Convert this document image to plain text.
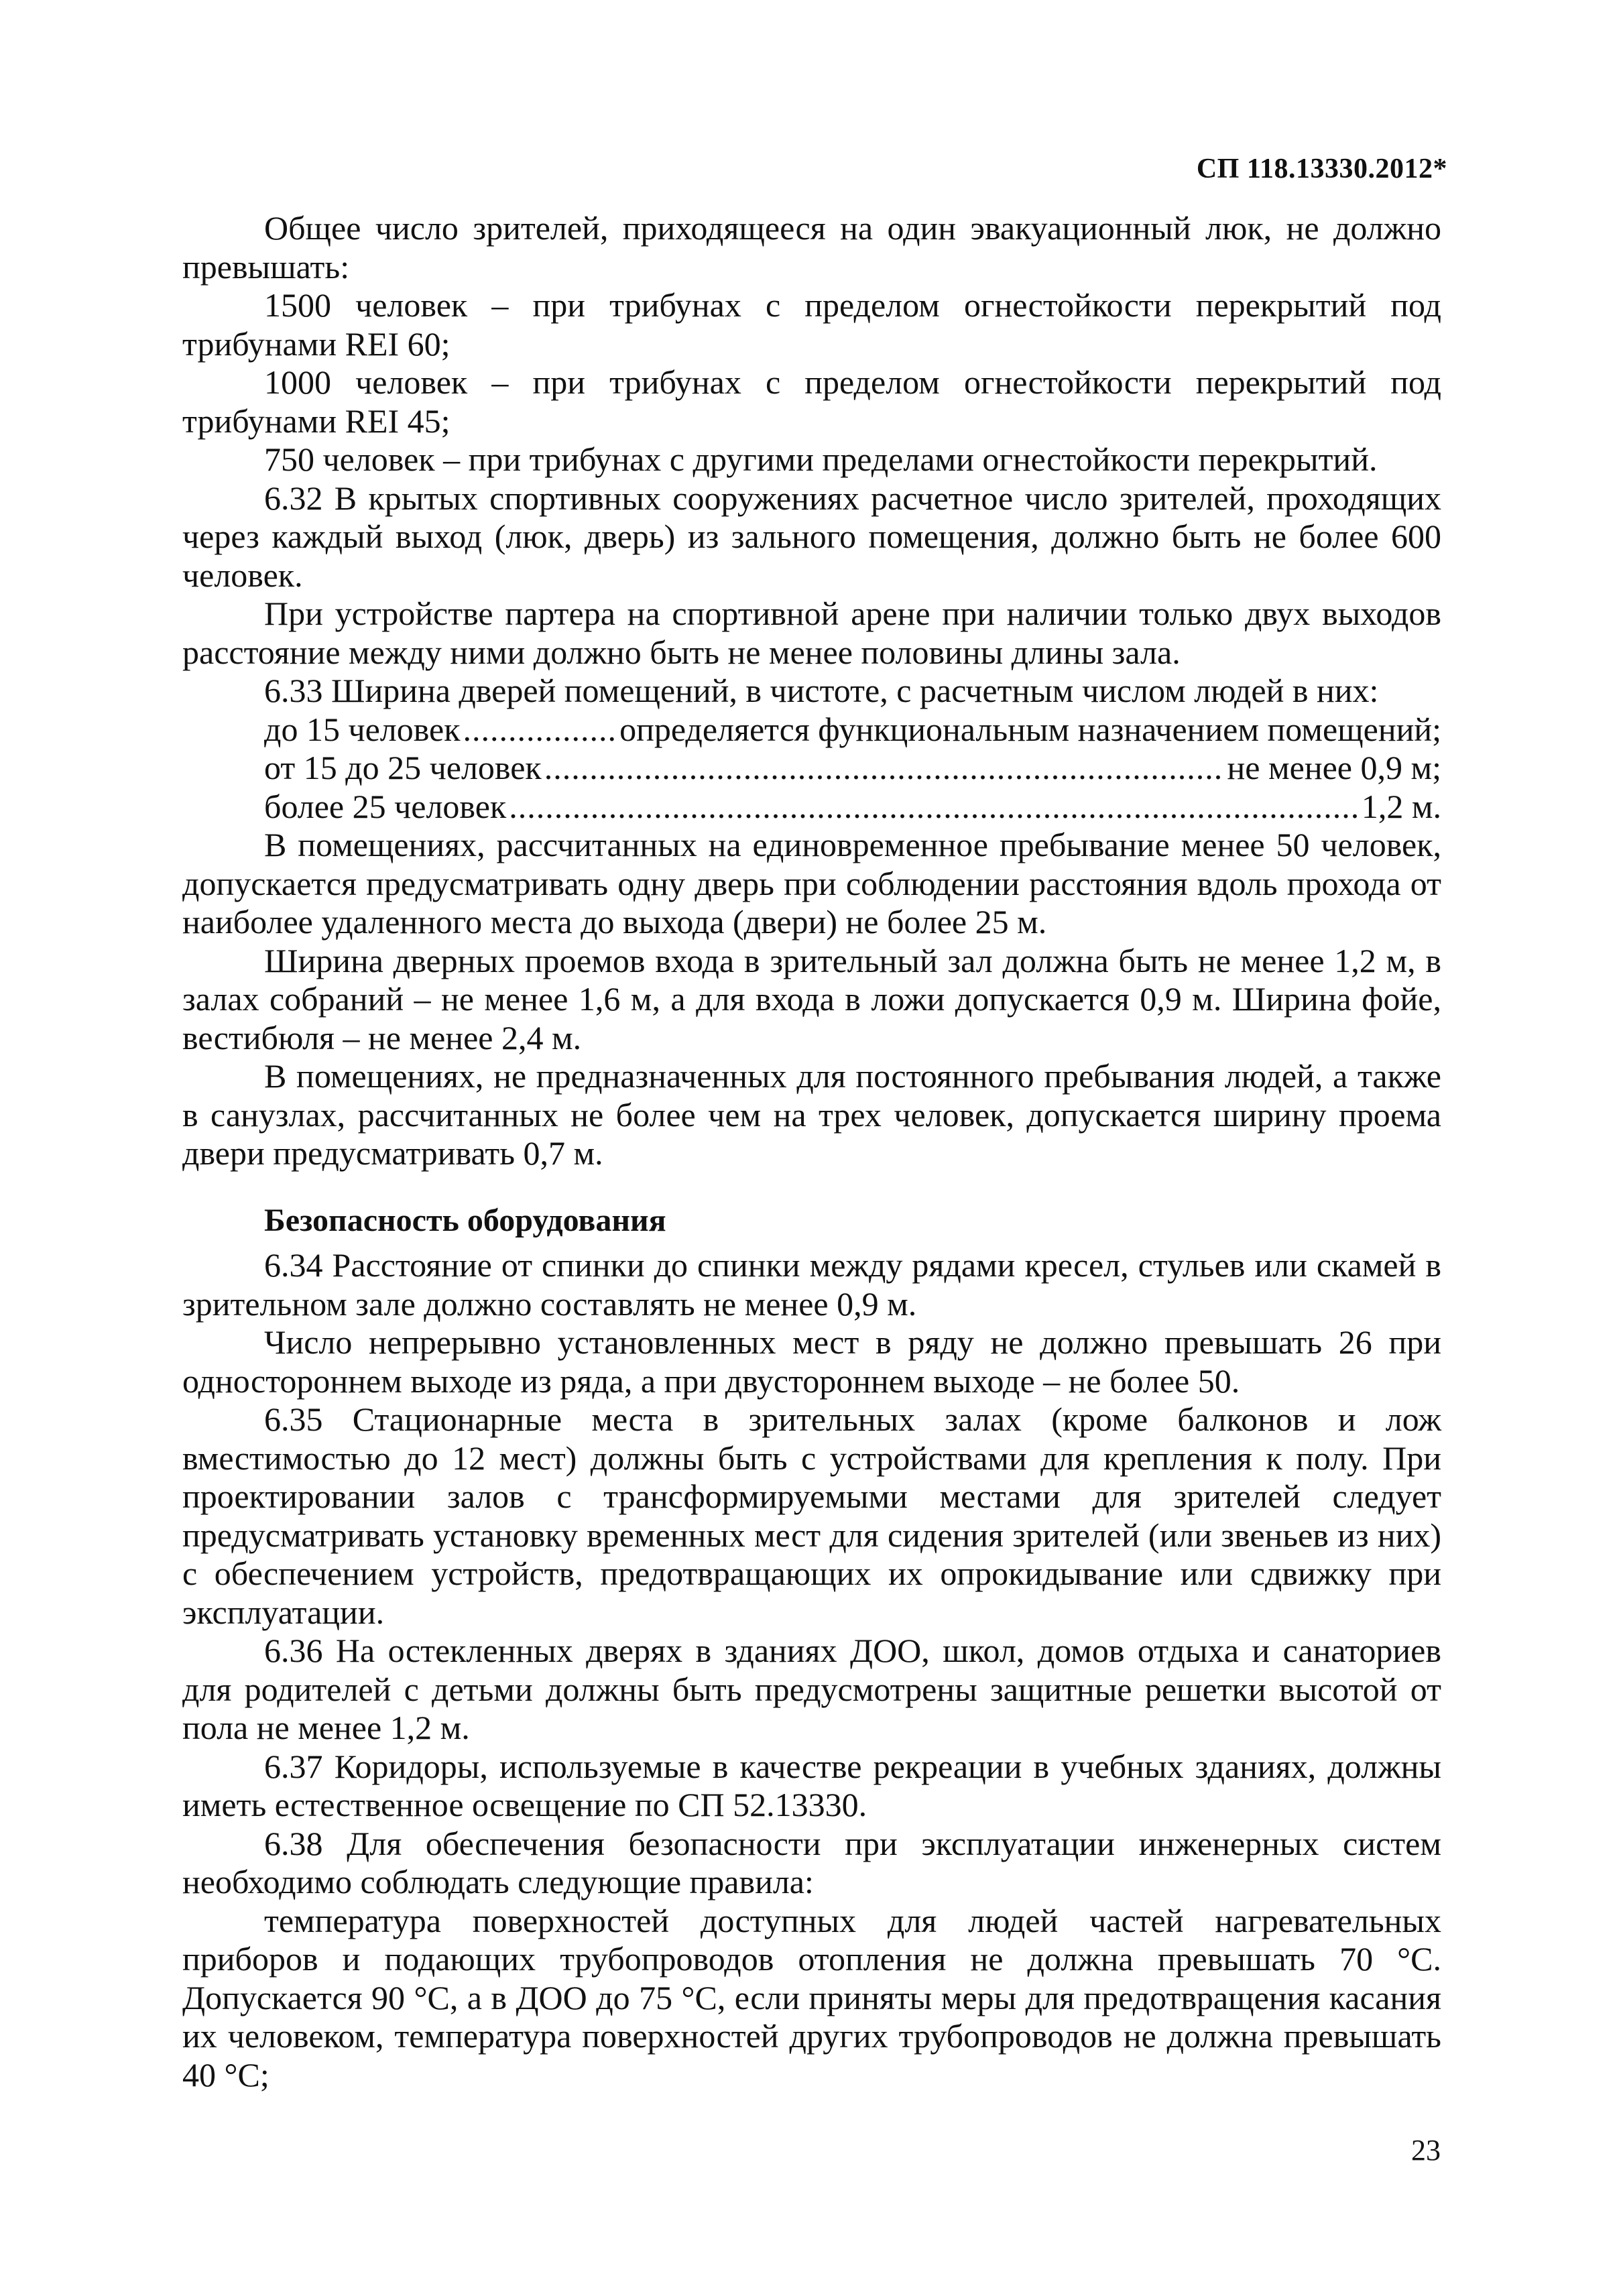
СП 118.13330.2012*

Общее число зрителей, приходящееся на один эвакуационный люк, не должно превышать:

1500 человек – при трибунах с пределом огнестойкости перекрытий под трибунами REI 60;

1000 человек – при трибунах с пределом огнестойкости перекрытий под трибунами REI 45;

750 человек – при трибунах с другими пределами огнестойкости перекрытий.

6.32 В крытых спортивных сооружениях расчетное число зрителей, проходящих через каждый выход (люк, дверь) из зального помещения, должно быть не более 600 человек.

При устройстве партера на спортивной арене при наличии только двух выходов расстояние между ними должно быть не менее половины длины зала.

6.33 Ширина дверей помещений, в чистоте, с расчетным числом людей в них:

до 15 человек .....	определяется функциональным назначением помещений;
от 15 до 25 человек .....	не менее 0,9 м;
более 25 человек .....	1,2 м.

В помещениях, рассчитанных на единовременное пребывание менее 50 человек, допускается предусматривать одну дверь при соблюдении расстояния вдоль прохода от наиболее удаленного места до выхода (двери) не более 25 м.

Ширина дверных проемов входа в зрительный зал должна быть не менее 1,2 м, в залах собраний – не менее 1,6 м, а для входа в ложи допускается 0,9 м. Ширина фойе, вестибюля – не менее 2,4 м.

В помещениях, не предназначенных для постоянного пребывания людей, а также в санузлах, рассчитанных не более чем на трех человек, допускается ширину проема двери предусматривать 0,7 м.

Безопасность оборудования

6.34 Расстояние от спинки до спинки между рядами кресел, стульев или скамей в зрительном зале должно составлять не менее 0,9 м.

Число непрерывно установленных мест в ряду не должно превышать 26 при одностороннем выходе из ряда, а при двустороннем выходе – не более 50.

6.35 Стационарные места в зрительных залах (кроме балконов и лож вместимостью до 12 мест) должны быть с устройствами для крепления к полу. При проектировании залов с трансформируемыми местами для зрителей следует предусматривать установку временных мест для сидения зрителей (или звеньев из них) с обеспечением устройств, предотвращающих их опрокидывание или сдвижку при эксплуатации.

6.36 На остекленных дверях в зданиях ДОО, школ, домов отдыха и санаториев для родителей с детьми должны быть предусмотрены защитные решетки высотой от пола не менее 1,2 м.

6.37 Коридоры, используемые в качестве рекреации в учебных зданиях, должны иметь естественное освещение по СП 52.13330.

6.38 Для обеспечения безопасности при эксплуатации инженерных систем необходимо соблюдать следующие правила:

температура поверхностей доступных для людей частей нагревательных приборов и подающих трубопроводов отопления не должна превышать 70 °С. Допускается 90 °С, а в ДОО до 75 °С, если приняты меры для предотвращения касания их человеком, температура поверхностей других трубопроводов не должна превышать 40 °С;

23
